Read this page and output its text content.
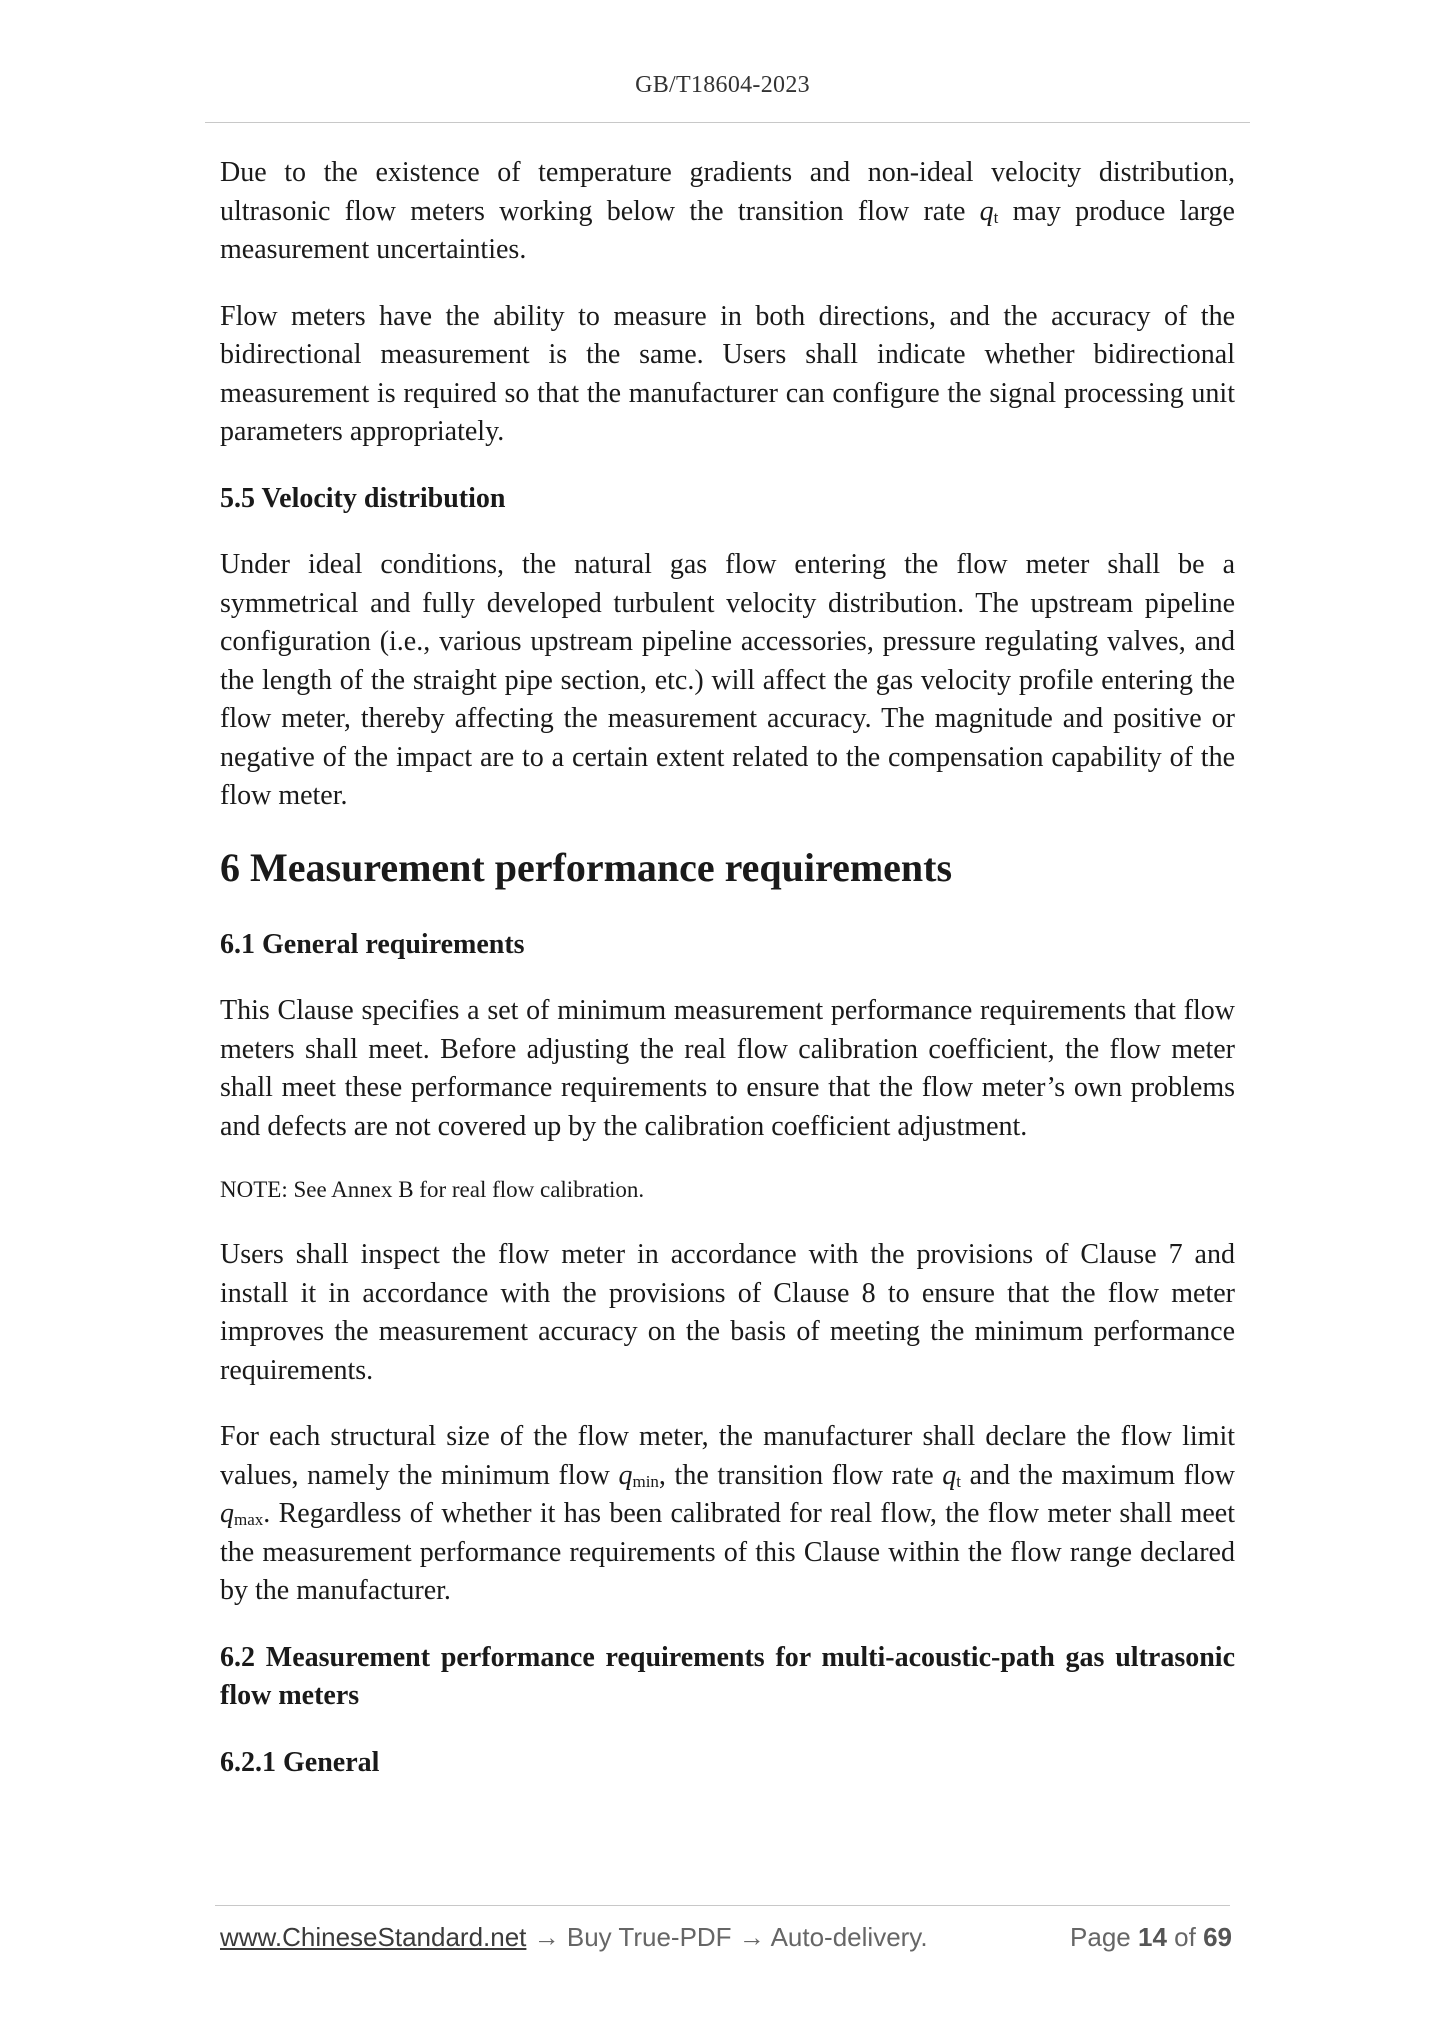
GB/T18604-2023

Due to the existence of temperature gradients and non-ideal velocity distribution, ultrasonic flow meters working below the transition flow rate $q_t$ may produce large measurement uncertainties.

Flow meters have the ability to measure in both directions, and the accuracy of the bidirectional measurement is the same. Users shall indicate whether bidirectional measurement is required so that the manufacturer can configure the signal processing unit parameters appropriately.

5.5 Velocity distribution

Under ideal conditions, the natural gas flow entering the flow meter shall be a symmetrical and fully developed turbulent velocity distribution. The upstream pipeline configuration (i.e., various upstream pipeline accessories, pressure regulating valves, and the length of the straight pipe section, etc.) will affect the gas velocity profile entering the flow meter, thereby affecting the measurement accuracy. The magnitude and positive or negative of the impact are to a certain extent related to the compensation capability of the flow meter.

6 Measurement performance requirements

6.1 General requirements

This Clause specifies a set of minimum measurement performance requirements that flow meters shall meet. Before adjusting the real flow calibration coefficient, the flow meter shall meet these performance requirements to ensure that the flow meter’s own problems and defects are not covered up by the calibration coefficient adjustment.

NOTE: See Annex B for real flow calibration.

Users shall inspect the flow meter in accordance with the provisions of Clause 7 and install it in accordance with the provisions of Clause 8 to ensure that the flow meter improves the measurement accuracy on the basis of meeting the minimum performance requirements.

For each structural size of the flow meter, the manufacturer shall declare the flow limit values, namely the minimum flow $q_{min}$, the transition flow rate $q_t$ and the maximum flow $q_{max}$. Regardless of whether it has been calibrated for real flow, the flow meter shall meet the measurement performance requirements of this Clause within the flow range declared by the manufacturer.

6.2 Measurement performance requirements for multi-acoustic-path gas ultrasonic flow meters

6.2.1 General

www.ChineseStandard.net → Buy True-PDF → Auto-delivery.	Page 14 of 69
